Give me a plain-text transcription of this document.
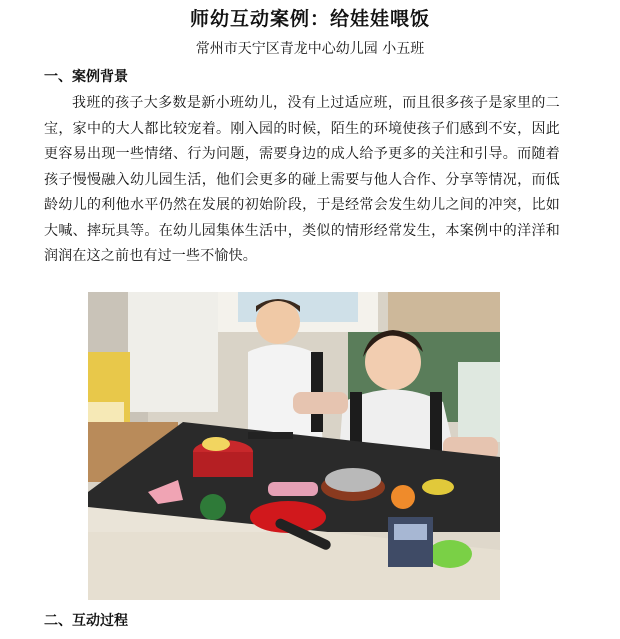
师幼互动案例：给娃娃喂饭
常州市天宁区青龙中心幼儿园 小五班
一、案例背景

我班的孩子大多数是新小班幼儿，没有上过适应班，而且很多孩子是家里的二宝，家中的大人都比较宠着。刚入园的时候，陌生的环境使孩子们感到不安，因此更容易出现一些情绪、行为问题，需要身边的成人给予更多的关注和引导。而随着孩子慢慢融入幼儿园生活，他们会更多的碰上需要与他人合作、分享等情况，而低龄幼儿的利他水平仍然在发展的初始阶段，于是经常会发生幼儿之间的冲突，比如大喊、摔玩具等。在幼儿园集体生活中，类似的情形经常发生，本案例中的洋洋和润润在这之前也有过一些不愉快。

二、互动过程
